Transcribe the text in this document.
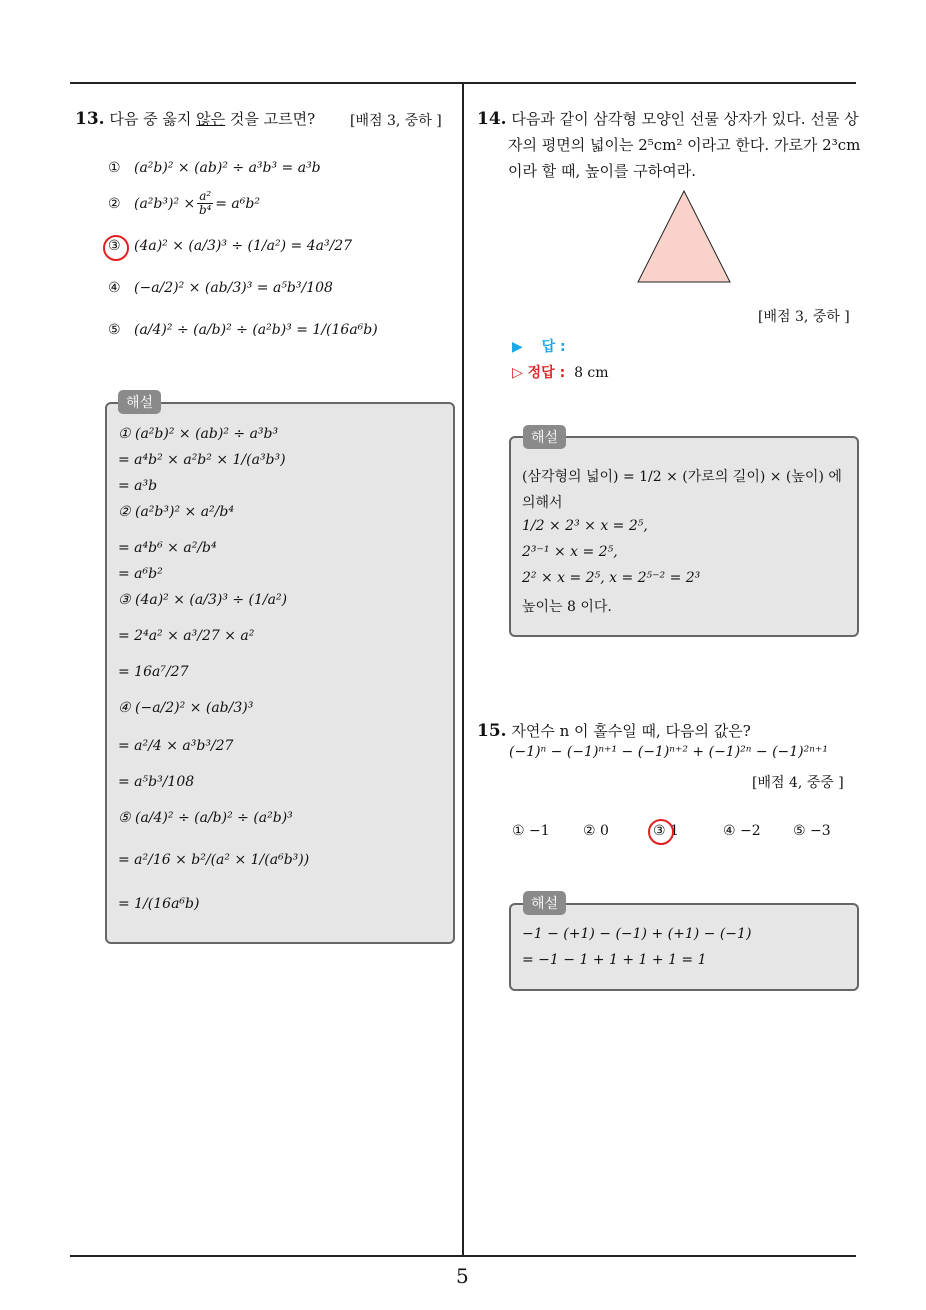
13. 다음 중 옳지 않은 것을 고르면? [배점 3, 중하 ]
① (a²b)² × (ab)² ÷ a³b³ = a³b
② $(a^2b^3)^2 \times \frac{\text{a²}}{\text{b⁴}} = a^6b^2$
③ (4a)² × (a/3)³ ÷ (1/a²) = 4a³/27
④ (−a/2)² × (ab/3)³ = a⁵b³/108
⑤ (a/4)² ÷ (a/b)² ÷ (a²b)³ = 1/(16a⁶b)
해설
① (a²b)² × (ab)² ÷ a³b³
= a⁴b² × a²b² × 1/(a³b³)
= a³b
② (a²b³)² × a²/b⁴
= a⁴b⁶ × a²/b⁴
= a⁶b²
③ (4a)² × (a/3)³ ÷ (1/a²)
= 2⁴a² × a³/27 × a²
= 16a⁷/27
④ (−a/2)² × (ab/3)³
= a²/4 × a³b³/27
= a⁵b³/108
⑤ (a/4)² ÷ (a/b)² ÷ (a²b)³
= a²/16 × b²/(a² × 1/(a⁶b³))
= 1/(16a⁶b)
14. 다음과 같이 삼각형 모양인 선물 상자가 있다. 선물 상
자의 평면의 넓이는 2⁵cm² 이라고 한다. 가로가 2³cm
이라 할 때, 높이를 구하여라.
[배점 3, 중하 ]
▶ 답 :
▷ 정답 : 8 cm
해설
(삼각형의 넓이) = 1/2 × (가로의 길이) × (높이) 에
의해서
1/2 × 2³ × x = 2⁵,
2³⁻¹ × x = 2⁵,
2² × x = 2⁵, x = 2⁵⁻² = 2³
높이는 8 이다.
15. 자연수 n 이 홀수일 때, 다음의 값은?
(−1)ⁿ − (−1)ⁿ⁺¹ − (−1)ⁿ⁺² + (−1)²ⁿ − (−1)²ⁿ⁺¹
[배점 4, 중중 ]
① −1 ② 0	③ 1	④ −2 ⑤ −3
해설
−1 − (+1) − (−1) + (+1) − (−1)
= −1 − 1 + 1 + 1 + 1 = 1
5
